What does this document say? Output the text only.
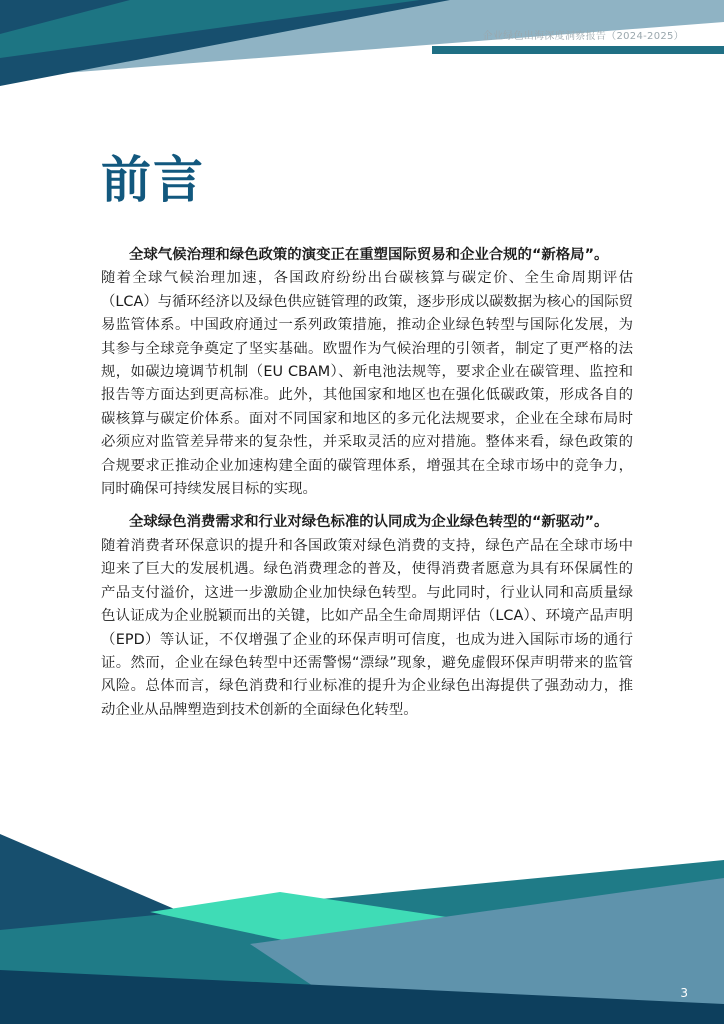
企业绿色出海深度洞察报告（2024-2025）
前言

全球气候治理和绿色政策的演变正在重塑国际贸易和企业合规的“新格局”。
随着全球气候治理加速，各国政府纷纷出台碳核算与碳定价、全生命周期评估（LCA）与循环经济以及绿色供应链管理的政策，逐步形成以碳数据为核心的国际贸易监管体系。中国政府通过一系列政策措施，推动企业绿色转型与国际化发展，为其参与全球竞争奠定了坚实基础。欧盟作为气候治理的引领者，制定了更严格的法规，如碳边境调节机制（EU CBAM）、新电池法规等，要求企业在碳管理、监控和报告等方面达到更高标准。此外，其他国家和地区也在强化低碳政策，形成各自的碳核算与碳定价体系。面对不同国家和地区的多元化法规要求，企业在全球布局时必须应对监管差异带来的复杂性，并采取灵活的应对措施。整体来看，绿色政策的合规要求正推动企业加速构建全面的碳管理体系，增强其在全球市场中的竞争力，同时确保可持续发展目标的实现。

全球绿色消费需求和行业对绿色标准的认同成为企业绿色转型的“新驱动”。
随着消费者环保意识的提升和各国政策对绿色消费的支持，绿色产品在全球市场中迎来了巨大的发展机遇。绿色消费理念的普及，使得消费者愿意为具有环保属性的产品支付溢价，这进一步激励企业加快绿色转型。与此同时，行业认同和高质量绿色认证成为企业脱颖而出的关键，比如产品全生命周期评估（LCA）、环境产品声明（EPD）等认证，不仅增强了企业的环保声明可信度，也成为进入国际市场的通行证。然而，企业在绿色转型中还需警惕“漂绿”现象，避免虚假环保声明带来的监管风险。总体而言，绿色消费和行业标准的提升为企业绿色出海提供了强劲动力，推动企业从品牌塑造到技术创新的全面绿色化转型。

3
